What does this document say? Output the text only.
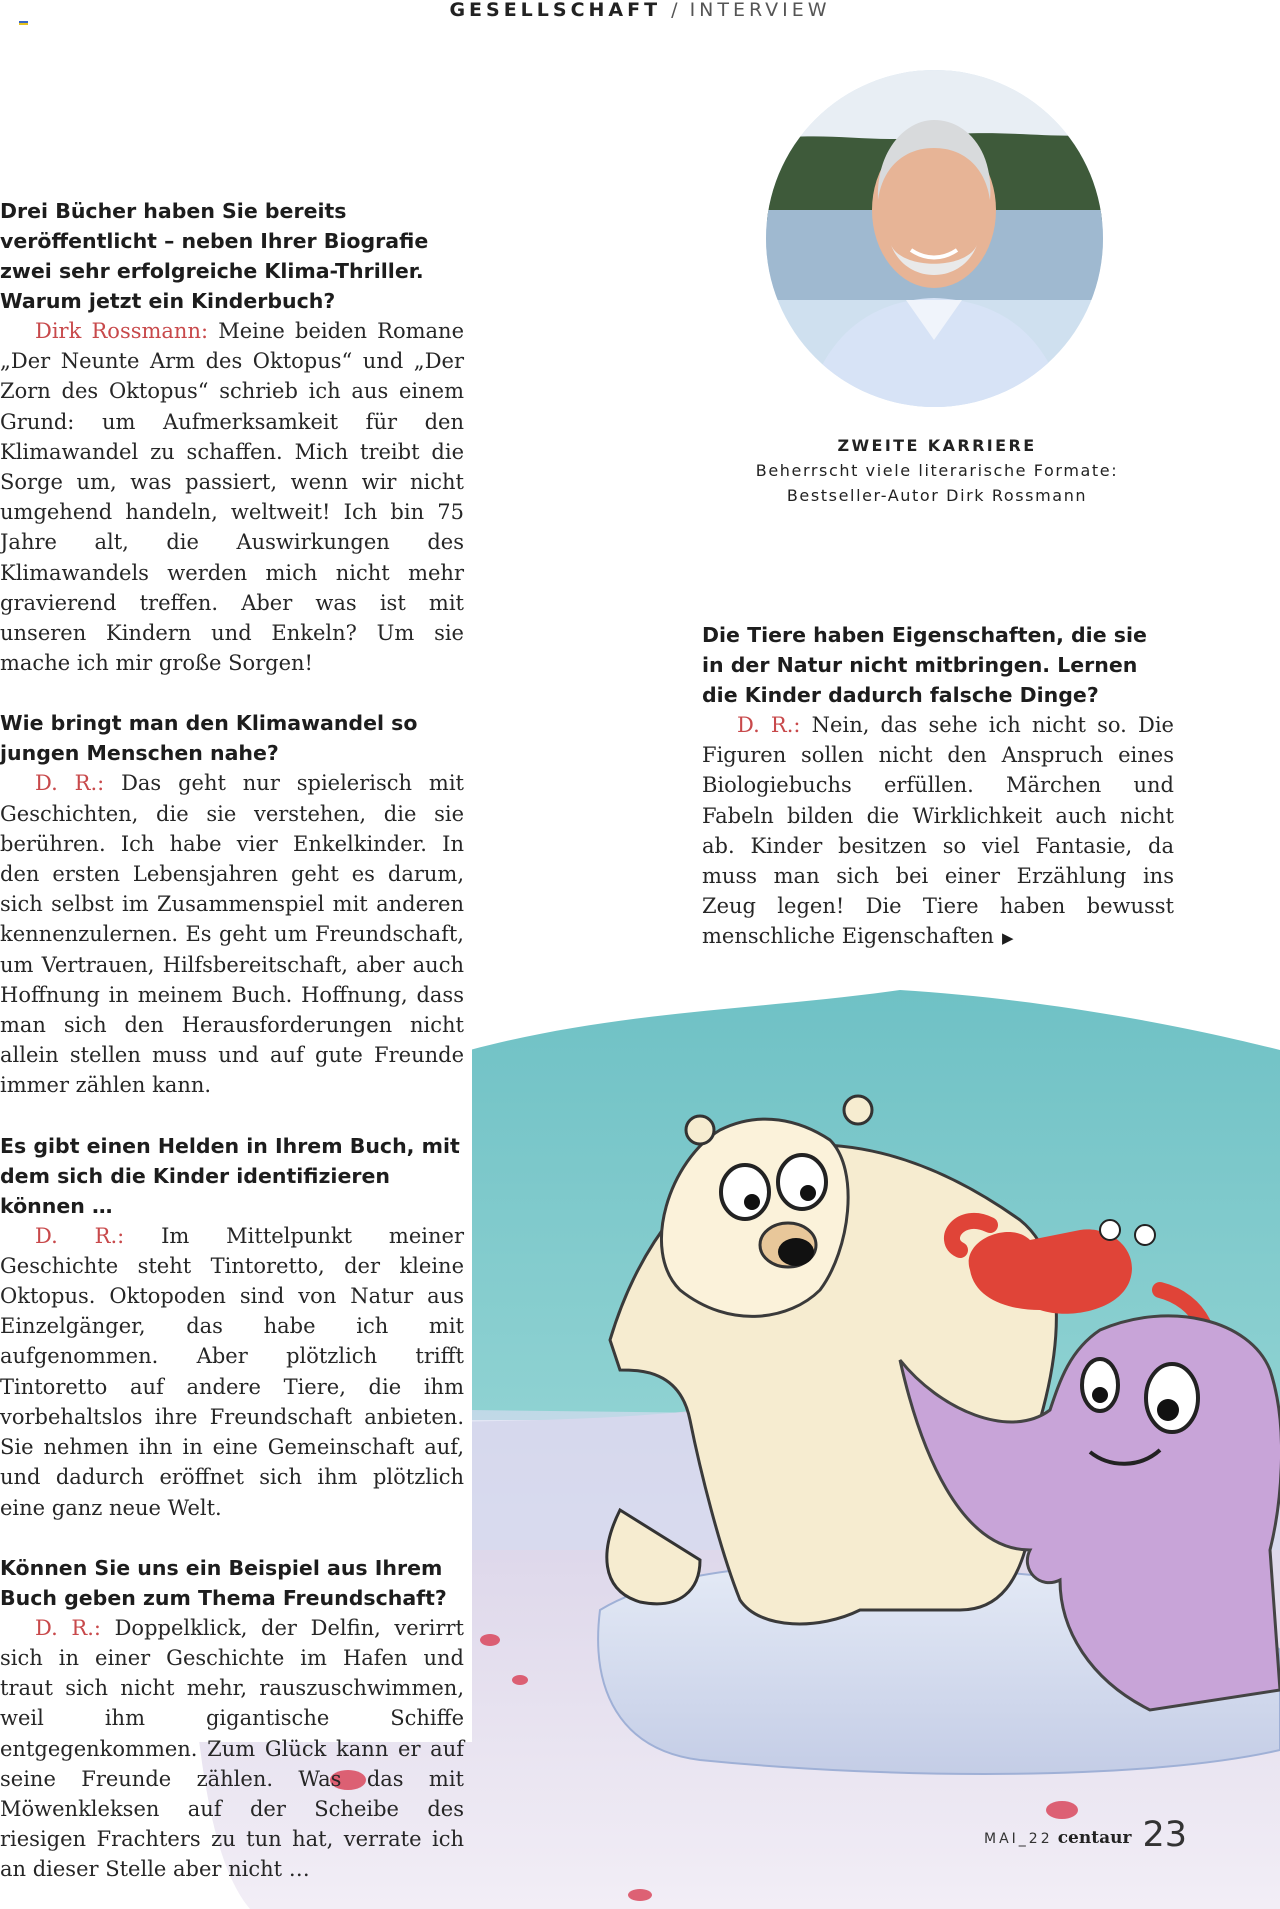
GESELLSCHAFT / INTERVIEW

Drei Bücher haben Sie bereits veröffentlicht – neben Ihrer Biografie zwei sehr erfolgreiche Klima-Thriller. Warum jetzt ein Kinderbuch?

Dirk Rossmann: Meine beiden Romane „Der Neunte Arm des Oktopus“ und „Der Zorn des Oktopus“ schrieb ich aus einem Grund: um Aufmerksamkeit für den Klimawandel zu schaffen. Mich treibt die Sorge um, was passiert, wenn wir nicht umgehend handeln, weltweit! Ich bin 75 Jahre alt, die Auswirkungen des Klimawandels werden mich nicht mehr gravierend treffen. Aber was ist mit unseren Kindern und Enkeln? Um sie mache ich mir große Sorgen!

Wie bringt man den Klimawandel so jungen Menschen nahe?

D. R.: Das geht nur spielerisch mit Geschichten, die sie verstehen, die sie berühren. Ich habe vier Enkelkinder. In den ersten Lebensjahren geht es darum, sich selbst im Zusammenspiel mit anderen kennenzulernen. Es geht um Freundschaft, um Vertrauen, Hilfsbereitschaft, aber auch Hoffnung in meinem Buch. Hoffnung, dass man sich den Herausforderungen nicht allein stellen muss und auf gute Freunde immer zählen kann.

Es gibt einen Helden in Ihrem Buch, mit dem sich die Kinder identifizieren können …

D. R.: Im Mittelpunkt meiner Geschichte steht Tintoretto, der kleine Oktopus. Oktopoden sind von Natur aus Einzelgänger, das habe ich mit aufgenommen. Aber plötzlich trifft Tintoretto auf andere Tiere, die ihm vorbehaltslos ihre Freundschaft anbieten. Sie nehmen ihn in eine Gemeinschaft auf, und dadurch eröffnet sich ihm plötzlich eine ganz neue Welt.

Können Sie uns ein Beispiel aus Ihrem Buch geben zum Thema Freundschaft?

D. R.: Doppelklick, der Delfin, verirrt sich in einer Geschichte im Hafen und traut sich nicht mehr, rauszuschwimmen, weil ihm gigantische Schiffe entgegenkommen. Zum Glück kann er auf seine Freunde zählen. Was das mit Möwenkleksen auf der Scheibe des riesigen Frachters zu tun hat, verrate ich an dieser Stelle aber nicht …

ZWEITE KARRIERE
Beherrscht viele literarische Formate:
Bestseller-Autor Dirk Rossmann

Die Tiere haben Eigenschaften, die sie in der Natur nicht mitbringen. Lernen die Kinder dadurch falsche Dinge?

D. R.: Nein, das sehe ich nicht so. Die Figuren sollen nicht den Anspruch eines Biologiebuchs erfüllen. Märchen und Fabeln bilden die Wirklichkeit auch nicht ab. Kinder besitzen so viel Fantasie, da muss man sich bei einer Erzählung ins Zeug legen! Die Tiere haben bewusst menschliche Eigenschaften ▶

MAI_22 centaur 23
